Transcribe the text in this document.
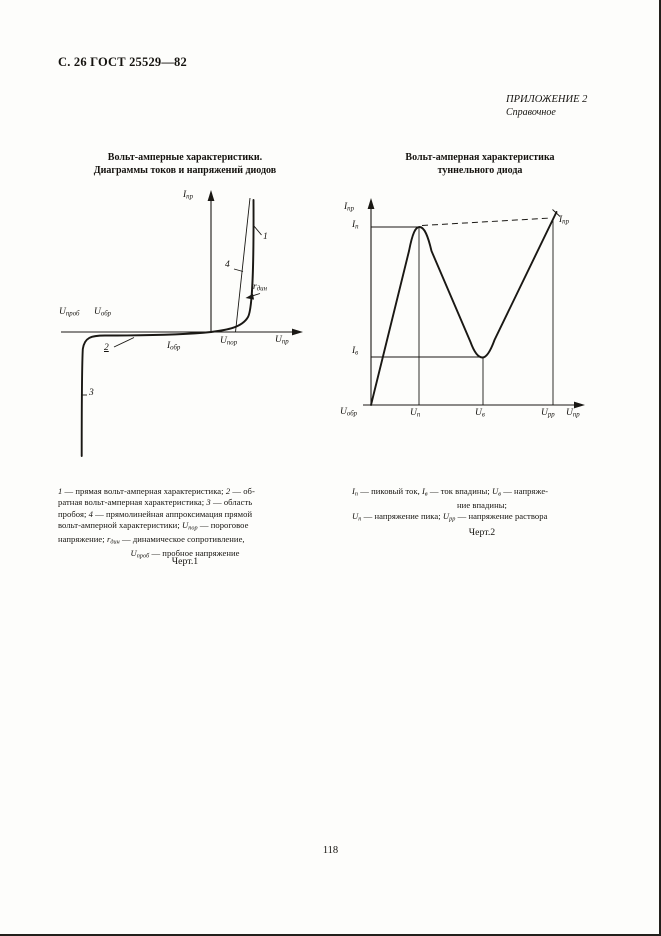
С. 26 ГОСТ 25529—82
ПРИЛОЖЕНИЕ 2
Справочное
Вольт-амперные характеристики.
Диаграммы токов и напряжений диодов
Вольт-амперная характеристика
туннельного диода
Iпр
Uпр
Uпроб Uобр
2	Iобр
Uпор
1
4
rдин
3
Iпр
Iп
Iв
Uобр	Uп	Uв	Uрр Uпр
Iпр
1 — прямая вольт-амперная характеристика; 2 — об-
ратная вольт-амперная характеристика; 3 — область
пробоя; 4 — прямолинейная аппроксимация прямой
вольт-амперной характеристики; Uпор — пороговое
напряжение; rдин — динамическое сопротивление,
Uпроб — пробное напряжение
Черт.1
Iп — пиковый ток, Iв — ток впадины; Uв — напряже-
ние впадины;
Uп — напряжение пика; Uрр — напряжение раствора
Черт.2
118
